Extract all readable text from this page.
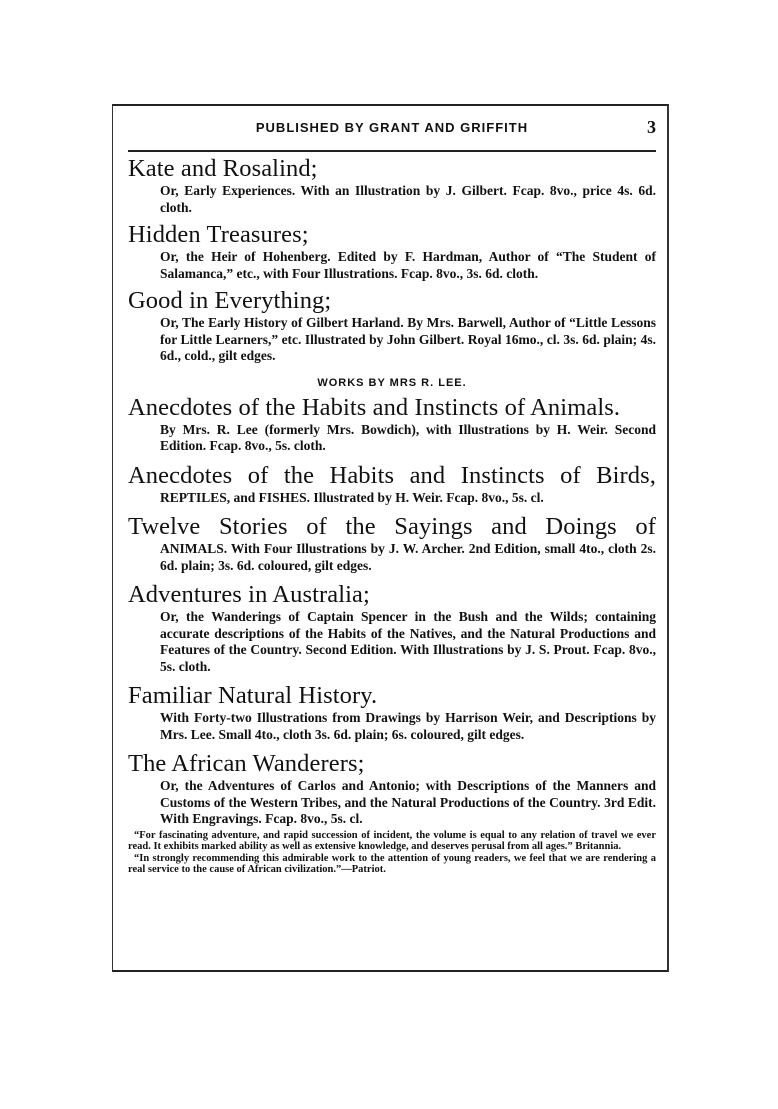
PUBLISHED BY GRANT AND GRIFFITH	3
Kate and Rosalind;
Or, Early Experiences. With an Illustration by J. Gilbert. Fcap. 8vo., price 4s. 6d. cloth.
Hidden Treasures;
Or, the Heir of Hohenberg. Edited by F. Hardman, Author of “The Student of Salamanca,” etc., with Four Illustrations. Fcap. 8vo., 3s. 6d. cloth.
Good in Everything;
Or, The Early History of Gilbert Harland. By Mrs. Barwell, Author of “Little Lessons for Little Learners,” etc. Illustrated by John Gilbert. Royal 16mo., cl. 3s. 6d. plain; 4s. 6d., cold., gilt edges.
WORKS BY MRS R. LEE.
Anecdotes of the Habits and Instincts of Animals.
By Mrs. R. Lee (formerly Mrs. Bowdich), with Illustrations by H. Weir. Second Edition. Fcap. 8vo., 5s. cloth.
Anecdotes of the Habits and Instincts of Birds,
REPTILES, and FISHES. Illustrated by H. Weir. Fcap. 8vo., 5s. cl.
Twelve Stories of the Sayings and Doings of
ANIMALS. With Four Illustrations by J. W. Archer. 2nd Edition, small 4to., cloth 2s. 6d. plain; 3s. 6d. coloured, gilt edges.
Adventures in Australia;
Or, the Wanderings of Captain Spencer in the Bush and the Wilds; containing accurate descriptions of the Habits of the Natives, and the Natural Productions and Features of the Country. Second Edition. With Illustrations by J. S. Prout. Fcap. 8vo., 5s. cloth.
Familiar Natural History.
With Forty-two Illustrations from Drawings by Harrison Weir, and Descriptions by Mrs. Lee. Small 4to., cloth 3s. 6d. plain; 6s. coloured, gilt edges.
The African Wanderers;
Or, the Adventures of Carlos and Antonio; with Descriptions of the Manners and Customs of the Western Tribes, and the Natural Productions of the Country. 3rd Edit. With Engravings. Fcap. 8vo., 5s. cl.
“For fascinating adventure, and rapid succession of incident, the volume is equal to any relation of travel we ever read. It exhibits marked ability as well as extensive knowledge, and deserves perusal from all ages.” Britannia.
“In strongly recommending this admirable work to the attention of young readers, we feel that we are rendering a real service to the cause of African civilization.”—Patriot.
